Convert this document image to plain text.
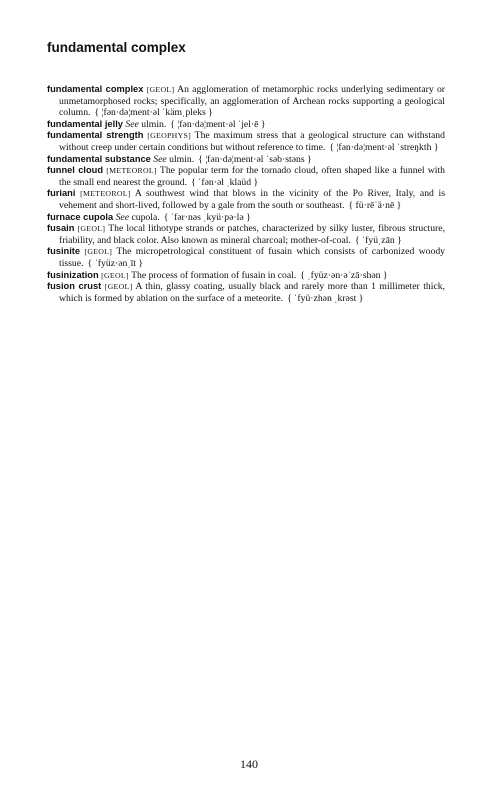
fundamental complex

fundamental complex [GEOL] An agglomeration of metamorphic rocks underlying sedimentary or unmetamorphosed rocks; specifically, an agglomeration of Archean rocks supporting a geological column. { ¦fən·də¦ment·əl ˈkämˌpleks }

fundamental jelly See ulmin. { ¦fən·də¦ment·əl ˈjel·ē }

fundamental strength [GEOPHYS] The maximum stress that a geological structure can withstand without creep under certain conditions but without reference to time. { ¦fən·də¦ment·əl ˈstreŋkth }

fundamental substance See ulmin. { ¦fən·də¦ment·əl ˈsəb·stəns }

funnel cloud [METEOROL] The popular term for the tornado cloud, often shaped like a funnel with the small end nearest the ground. { ˈfən·əl ˌklaüd }

furiani [METEOROL] A southwest wind that blows in the vicinity of the Po River, Italy, and is vehement and short-lived, followed by a gale from the south or southeast. { fü·rēˈä·nē }

furnace cupola See cupola. { ˈfər·nəs ˌkyü·pə·lə }

fusain [GEOL] The local lithotype strands or patches, characterized by silky luster, fibrous structure, friability, and black color. Also known as mineral charcoal; mother-of-coal. { ˈfyüˌzān }

fusinite [GEOL] The micropetrological constituent of fusain which consists of carbonized woody tissue. { ˈfyüz·ənˌīt }

fusinization [GEOL] The process of formation of fusain in coal. { ˌfyüz·ən·əˈzā·shən }

fusion crust [GEOL] A thin, glassy coating, usually black and rarely more than 1 millimeter thick, which is formed by ablation on the surface of a meteorite. { ˈfyü·zhən ˌkrəst }

140
